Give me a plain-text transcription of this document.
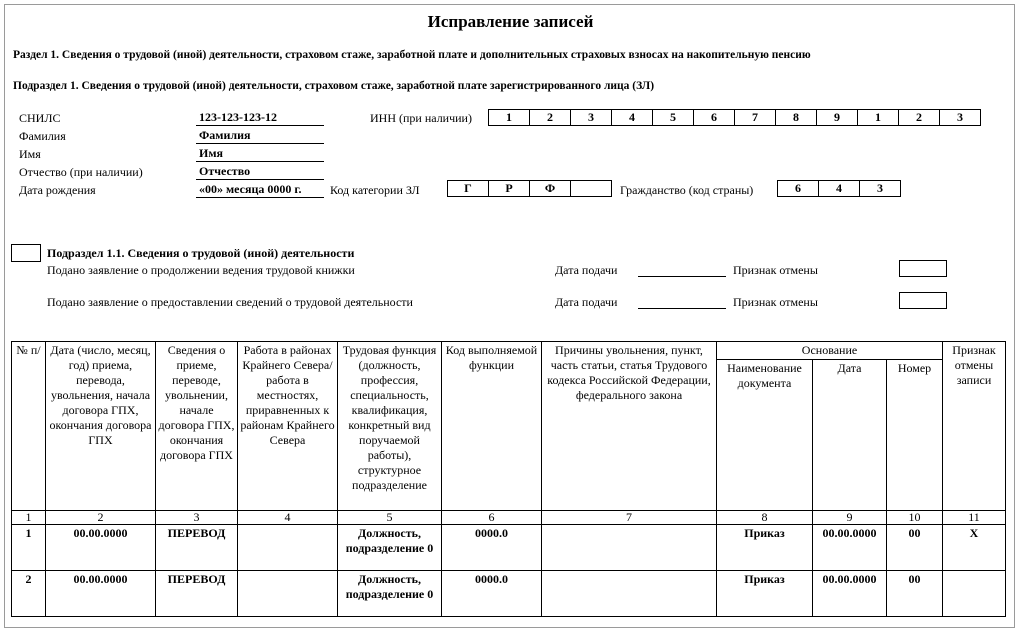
Исправление записей
Раздел 1. Сведения о трудовой (иной) деятельности, страховом стаже, заработной плате и дополнительных страховых взносах на накопительную пенсию
Подраздел 1. Сведения о трудовой (иной) деятельности, страховом стаже, заработной плате зарегистрированного лица (ЗЛ)
СНИЛС	123-123-123-12
Фамилия	Фамилия
Имя	Имя
Отчество (при наличии)	Отчество
Дата рождения	«00» месяца 0000 г.
ИНН (при наличии)	1	2	3	4	5	6	7	8	9	1	2	3
Код категории ЗЛ	Г	Р	Ф	Гражданство (код страны)	6	4	3
Подраздел 1.1. Сведения о трудовой (иной) деятельности
Подано заявление о продолжении ведения трудовой книжки	Дата подачи	Признак отмены
Подано заявление о предоставлении сведений о трудовой деятельности	Дата подачи	Признак отмены
№ п/	Дата (число, месяц, год) приема, перевода, увольнения, начала договора ГПХ, окончания договора ГПХ	Сведения о приеме, переводе, увольнении, начале договора ГПХ, окончания договора ГПХ	Работа в районах Крайнего Севера/работа в местностях, приравненных к районам Крайнего Севера	Трудовая функция (должность, профессия, специальность, квалификация, конкретный вид поручаемой работы), структурное подразделение	Код выполняемой функции	Причины увольнения, пункт, часть статьи, статья Трудового кодекса Российской Федерации, федерального закона	Основание			Признак отмены записи
							Наименование документа	Дата	Номер	
1	2	3	4	5	6	7	8	9	10	11
1	00.00.0000	ПЕРЕВОД		Должность, подразделение 0	0000.0		Приказ	00.00.0000	00	X
2	00.00.0000	ПЕРЕВОД		Должность, подразделение 0	0000.0		Приказ	00.00.0000	00	
